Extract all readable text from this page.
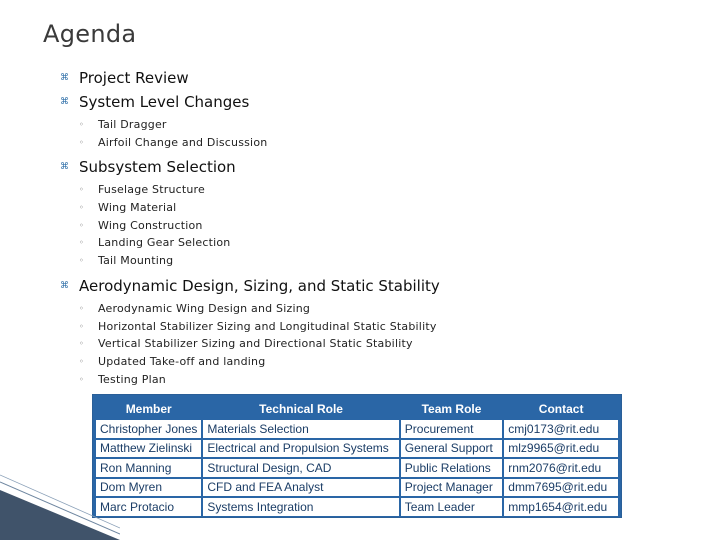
Agenda
⌘ Project Review
⌘ System Level Changes
◦ Tail Dragger
◦ Airfoil Change and Discussion
⌘ Subsystem Selection
◦ Fuselage Structure
◦ Wing Material
◦ Wing Construction
◦ Landing Gear Selection
◦ Tail Mounting
⌘ Aerodynamic Design, Sizing, and Static Stability
◦ Aerodynamic Wing Design and Sizing
◦ Horizontal Stabilizer Sizing and Longitudinal Static Stability
◦ Vertical Stabilizer Sizing and Directional Static Stability
◦ Updated Take-off and landing
◦ Testing Plan
Member	Technical Role	Team Role	Contact
Christopher Jones	Materials Selection	Procurement	cmj0173@rit.edu
Matthew Zielinski	Electrical and Propulsion Systems	General Support	mlz9965@rit.edu
Ron Manning	Structural Design, CAD	Public Relations	rnm2076@rit.edu
Dom Myren	CFD and FEA Analyst	Project Manager	dmm7695@rit.edu
Marc Protacio	Systems Integration	Team Leader	mmp1654@rit.edu
